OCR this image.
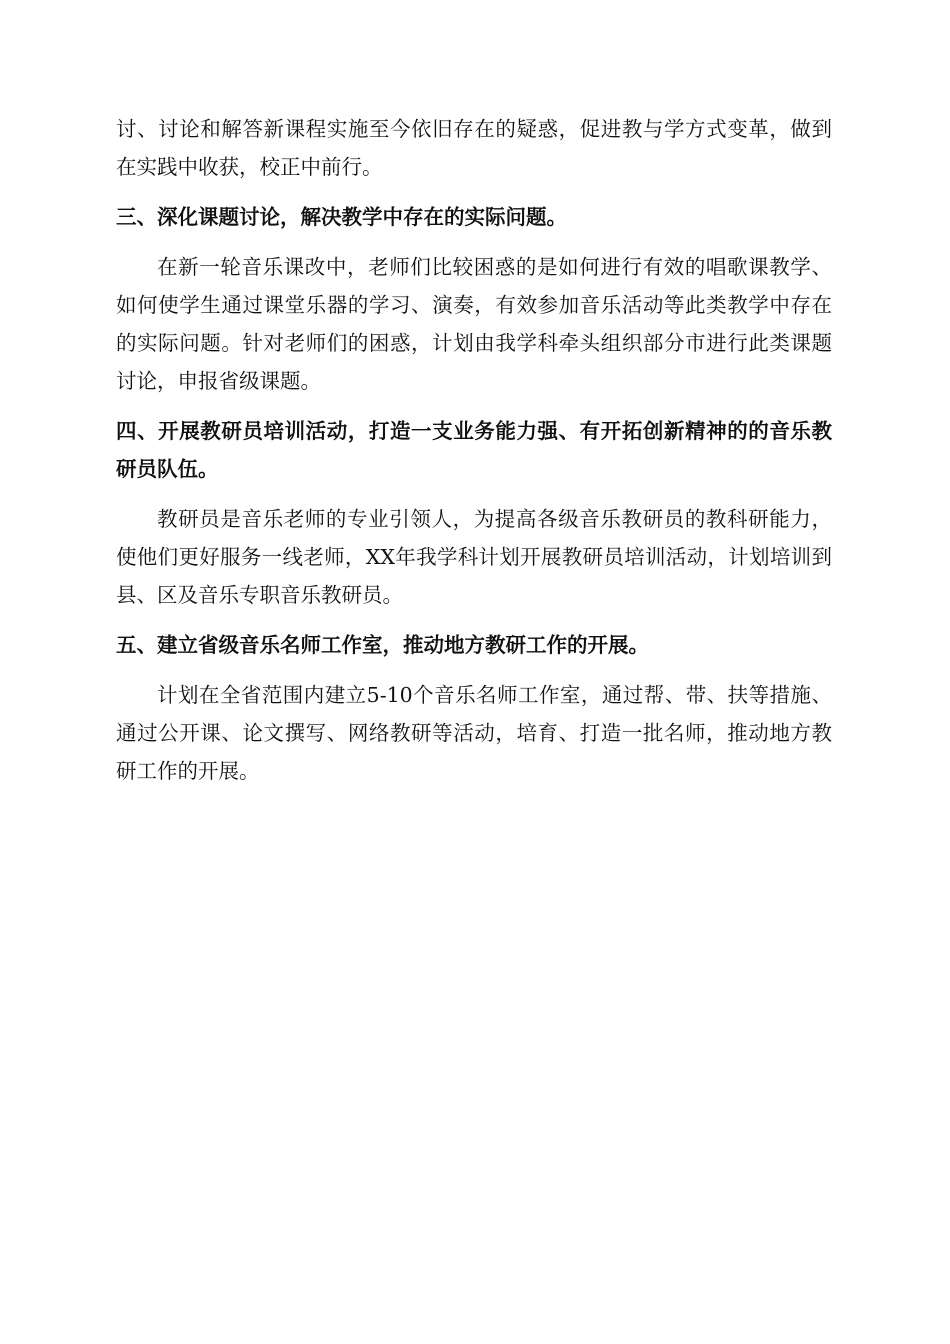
讨、讨论和解答新课程实施至今依旧存在的疑惑，促进教与学方式变革，做到在实践中收获，校正中前行。

三、深化课题讨论，解决教学中存在的实际问题。

在新一轮音乐课改中，老师们比较困惑的是如何进行有效的唱歌课教学、如何使学生通过课堂乐器的学习、演奏，有效参加音乐活动等此类教学中存在的实际问题。针对老师们的困惑，计划由我学科牵头组织部分市进行此类课题讨论，申报省级课题。

四、开展教研员培训活动，打造一支业务能力强、有开拓创新精神的的音乐教研员队伍。

教研员是音乐老师的专业引领人，为提高各级音乐教研员的教科研能力，使他们更好服务一线老师，XX年我学科计划开展教研员培训活动，计划培训到县、区及音乐专职音乐教研员。

五、建立省级音乐名师工作室，推动地方教研工作的开展。

计划在全省范围内建立5-10个音乐名师工作室，通过帮、带、扶等措施、通过公开课、论文撰写、网络教研等活动，培育、打造一批名师，推动地方教研工作的开展。
